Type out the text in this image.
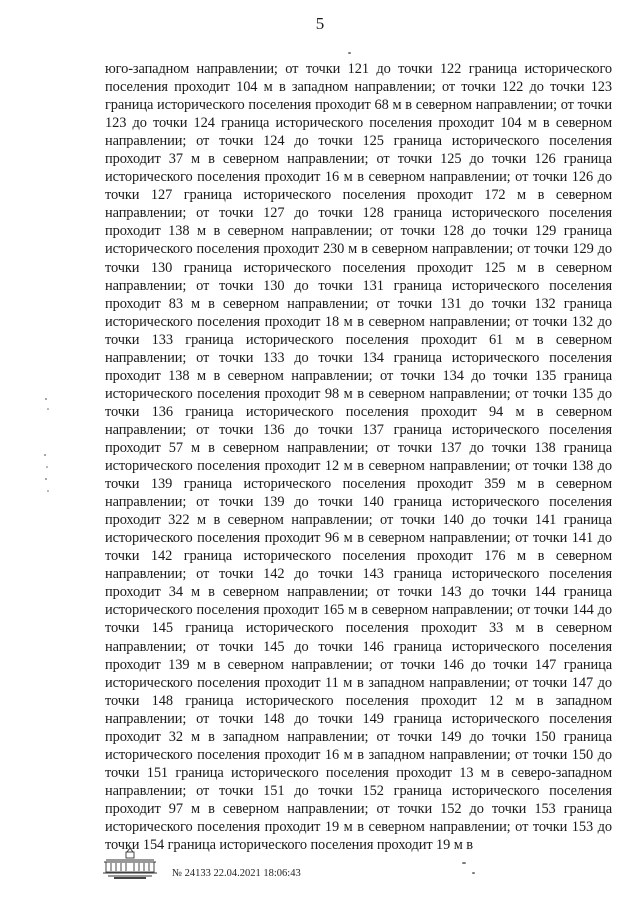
5
юго-западном направлении; от точки 121 до точки 122 граница исторического поселения проходит 104 м в западном направлении; от точки 122 до точки 123 граница исторического поселения проходит 68 м в северном направлении; от точки 123 до точки 124 граница исторического поселения проходит 104 м в северном направлении; от точки 124 до точки 125 граница исторического поселения проходит 37 м в северном направлении; от точки 125 до точки 126 граница исторического поселения проходит 16 м в северном направлении; от точки 126 до точки 127 граница исторического поселения проходит 172 м в северном направлении; от точки 127 до точки 128 граница исторического поселения проходит 138 м в северном направлении; от точки 128 до точки 129 граница исторического поселения проходит 230 м в северном направлении; от точки 129 до точки 130 граница исторического поселения проходит 125 м в северном направлении; от точки 130 до точки 131 граница исторического поселения проходит 83 м в северном направлении; от точки 131 до точки 132 граница исторического поселения проходит 18 м в северном направлении; от точки 132 до точки 133 граница исторического поселения проходит 61 м в северном направлении; от точки 133 до точки 134 граница исторического поселения проходит 138 м в северном направлении; от точки 134 до точки 135 граница исторического поселения проходит 98 м в северном направлении; от точки 135 до точки 136 граница исторического поселения проходит 94 м в северном направлении; от точки 136 до точки 137 граница исторического поселения проходит 57 м в северном направлении; от точки 137 до точки 138 граница исторического поселения проходит 12 м в северном направлении; от точки 138 до точки 139 граница исторического поселения проходит 359 м в северном направлении; от точки 139 до точки 140 граница исторического поселения проходит 322 м в северном направлении; от точки 140 до точки 141 граница исторического поселения проходит 96 м в северном направлении; от точки 141 до точки 142 граница исторического поселения проходит 176 м в северном направлении; от точки 142 до точки 143 граница исторического поселения проходит 34 м в северном направлении; от точки 143 до точки 144 граница исторического поселения проходит 165 м в северном направлении; от точки 144 до точки 145 граница исторического поселения проходит 33 м в северном направлении; от точки 145 до точки 146 граница исторического поселения проходит 139 м в северном направлении; от точки 146 до точки 147 граница исторического поселения проходит 11 м в западном направлении; от точки 147 до точки 148 граница исторического поселения проходит 12 м в западном направлении; от точки 148 до точки 149 граница исторического поселения проходит 32 м в западном направлении; от точки 149 до точки 150 граница исторического поселения проходит 16 м в западном направлении; от точки 150 до точки 151 граница исторического поселения проходит 13 м в северо-западном направлении; от точки 151 до точки 152 граница исторического поселения проходит 97 м в северном направлении; от точки 152 до точки 153 граница исторического поселения проходит 19 м в северном направлении; от точки 153 до точки 154 граница исторического поселения проходит 19 м в
№ 24133 22.04.2021 18:06:43
